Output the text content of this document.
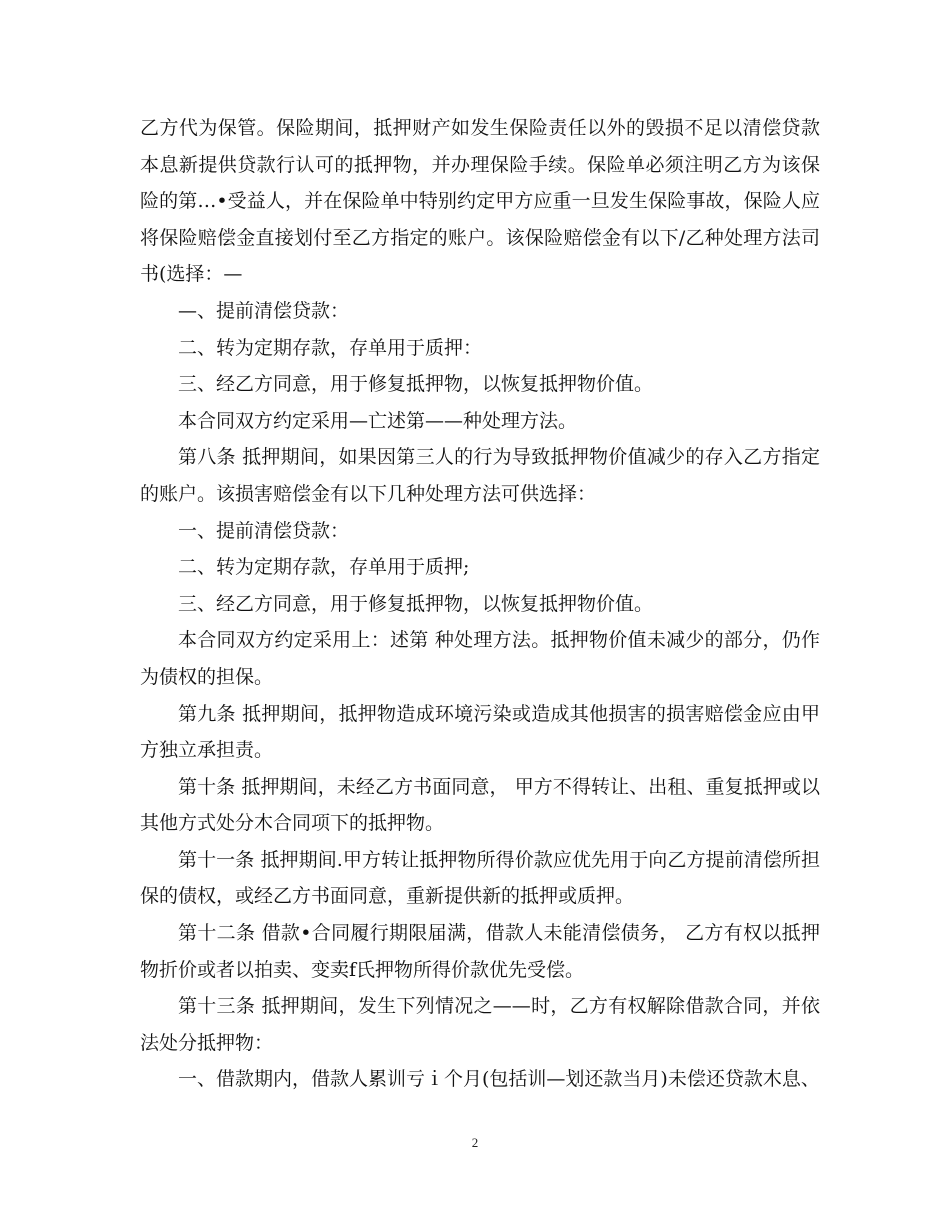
乙方代为保管。保险期间，抵押财产如发生保险责任以外的毁损不足以清偿贷款本息新提供贷款行认可的抵押物，并办理保险手续。保险单必须注明乙方为该保险的第…•受益人，并在保险单中特别约定甲方应重一旦发生保险事故，保险人应将保险赔偿金直接划付至乙方指定的账户。该保险赔偿金有以下/乙种处理方法司书(选择：—

—、提前清偿贷款：

二、转为定期存款，存单用于质押：

三、经乙方同意，用于修复抵押物，以恢复抵押物价值。

本合同双方约定采用—亡述第——种处理方法。

第八条 抵押期间，如果因第三人的行为导致抵押物价值减少的存入乙方指定的账户。该损害赔偿金有以下几种处理方法可供选择：

一、提前清偿贷款：

二、转为定期存款，存单用于质押;

三、经乙方同意，用于修复抵押物，以恢复抵押物价值。

本合同双方约定采用上：述第 种处理方法。抵押物价值未减少的部分，仍作为债权的担保。

第九条 抵押期间，抵押物造成环境污染或造成其他损害的损害赔偿金应由甲方独立承担责。

第十条 抵押期间，未经乙方书面同意， 甲方不得转让、出租、重复抵押或以其他方式处分木合同项下的抵押物。

第十一条 抵押期间.甲方转让抵押物所得价款应优先用于向乙方提前清偿所担保的债权，或经乙方书面同意，重新提供新的抵押或质押。

第十二条 借款•合同履行期限届满，借款人未能清偿债务， 乙方有权以抵押物折价或者以拍卖、变卖f氏押物所得价款优先受偿。

第十三条 抵押期间，发生下列情况之——时，乙方有权解除借款合同，并依法处分抵押物：

一、借款期内，借款人累训亏ｉ个月(包括训—划还款当月)未偿还贷款木息、

2
